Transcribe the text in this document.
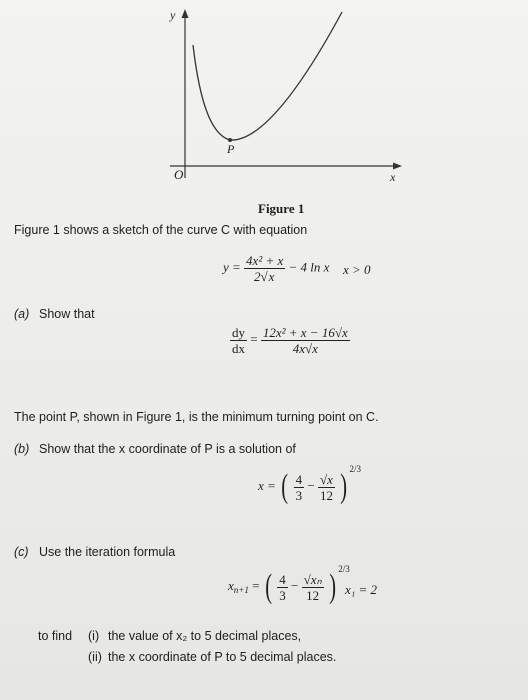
y
x
O
P
Figure 1
Figure 1 shows a sketch of the curve C with equation
$y = \frac{\text{4x² + x}}{2√x} - 4$ ln x x > 0
(a) Show that
$\frac{dy}{dx} = \frac{\text{12x² + x − 16√x}}{4x√x}$
The point P, shown in Figure 1, is the minimum turning point on C.
(b) Show that the x coordinate of P is a solution of
x = ( $\frac{4}{3} - \frac{√x}{12}$ ) $^{2/3}$
(c) Use the iteration formula
$x_{n+1}$ = ( $\frac{4}{3} - \frac{\text{√xₙ}}{12}$ ) $^{2/3}$
x₁ = 2
to find (i) the value of x₂ to 5 decimal places,
(ii) the x coordinate of P to 5 decimal places.
